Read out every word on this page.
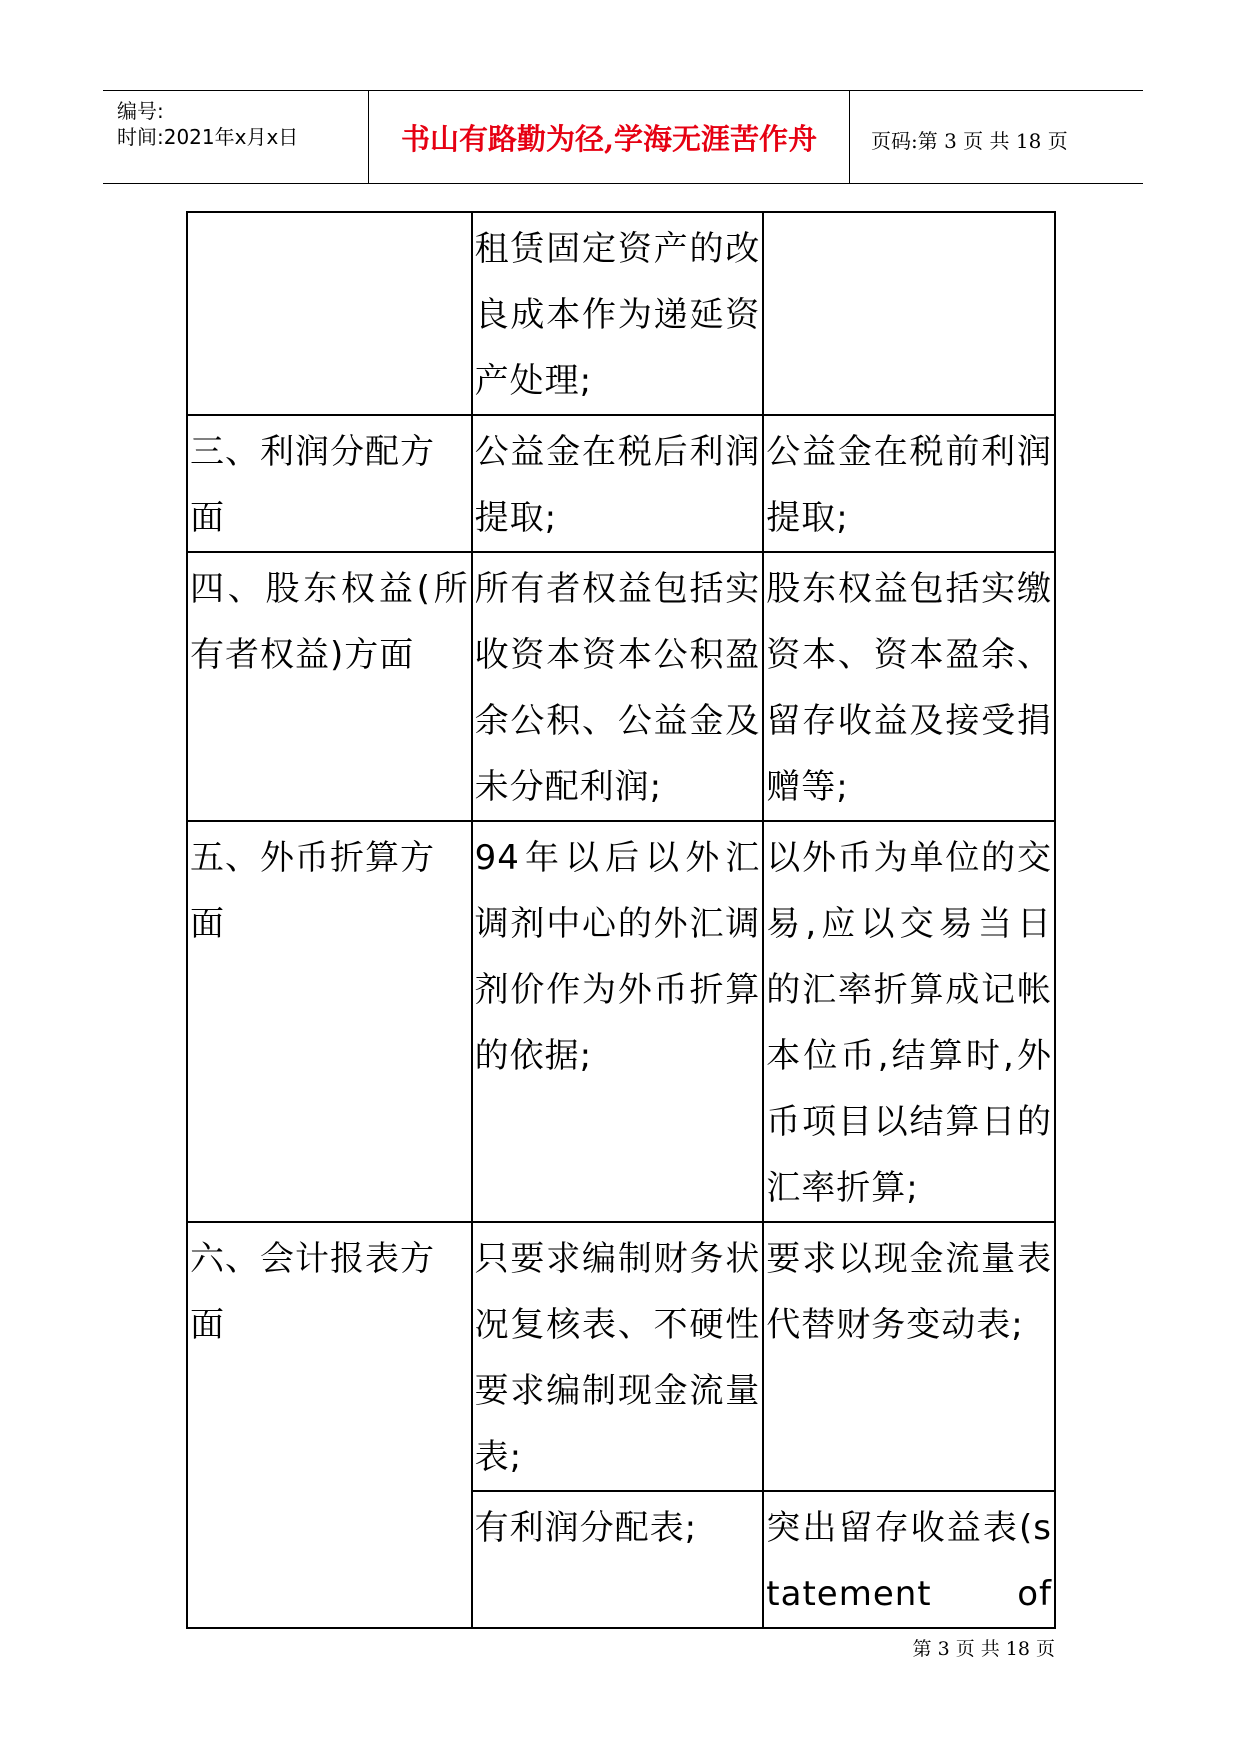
编号:
时间:2021年x月x日	书山有路勤为径,学海无涯苦作舟	页码:第 3 页 共 18 页
	租赁固定资产的改良成本作为递延资产处理;	
三、利润分配方面	公益金在税后利润提取;	公益金在税前利润提取;
四、股东权益(所有者权益)方面	所有者权益包括实收资本资本公积盈余公积、公益金及未分配利润;	股东权益包括实缴资本、资本盈余、留存收益及接受捐赠等;
五、外币折算方面	94年以后以外汇调剂中心的外汇调剂价作为外币折算的依据;	以外币为单位的交易,应以交易当日的汇率折算成记帐本位币,结算时,外币项目以结算日的汇率折算;
六、会计报表方面	只要求编制财务状况复核表、不硬性要求编制现金流量表;	要求以现金流量表代替财务变动表;
	有利润分配表;	突出留存收益表(statement of
第 3 页 共 18 页
